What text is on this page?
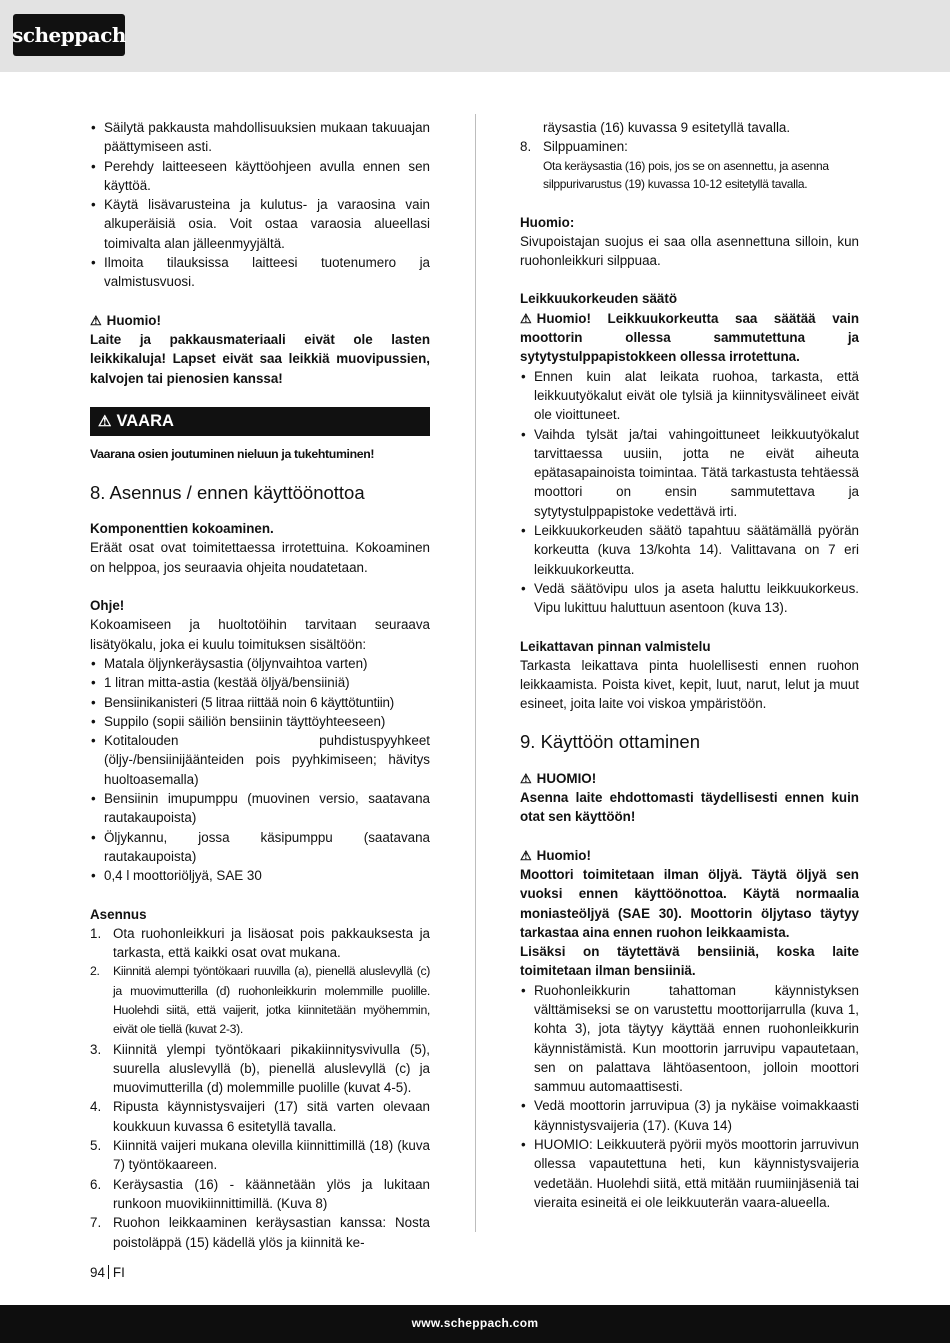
scheppach
• Säilytä pakkausta mahdollisuuksien mukaan takuuajan päättymiseen asti.
• Perehdy laitteeseen käyttöohjeen avulla ennen sen käyttöä.
• Käytä lisävarusteina ja kulutus- ja varaosina vain alkuperäisiä osia. Voit ostaa varaosia alueellasi toimivalta alan jälleenmyyjältä.
• Ilmoita tilauksissa laitteesi tuotenumero ja valmistusvuosi.

⚠ Huomio!

Laite ja pakkausmateriaali eivät ole lasten leikkikaluja! Lapset eivät saa leikkiä muovipussien, kalvojen tai pienosien kanssa!

⚠ VAARA

Vaarana osien joutuminen nieluun ja tukehtuminen!

8. Asennus / ennen käyttöönottoa

Komponenttien kokoaminen.

Eräät osat ovat toimitettaessa irrotettuina. Kokoaminen on helppoa, jos seuraavia ohjeita noudatetaan.

Ohje!

Kokoamiseen ja huoltotöihin tarvitaan seuraava lisätyökalu, joka ei kuulu toimituksen sisältöön:

• Matala öljynkeräysastia (öljynvaihtoa varten)
• 1 litran mitta-astia (kestää öljyä/bensiiniä)
• Bensiinikanisteri (5 litraa riittää noin 6 käyttötuntiin)
• Suppilo (sopii säiliön bensiinin täyttöyhteeseen)
• Kotitalouden puhdistuspyyhkeet (öljy-/bensiinijäänteiden pois pyyhkimiseen; hävitys huoltoasemalla)
• Bensiinin imupumppu (muovinen versio, saatavana rautakaupoista)
• Öljykannu, jossa käsipumppu (saatavana rautakaupoista)
• 0,4 l moottoriöljyä, SAE 30

Asennus

1. Ota ruohonleikkuri ja lisäosat pois pakkauksesta ja tarkasta, että kaikki osat ovat mukana.
2. Kiinnitä alempi työntökaari ruuvilla (a), pienellä aluslevyllä (c) ja muovimutterilla (d) ruohonleikkurin molemmille puolille. Huolehdi siitä, että vaijerit, jotka kiinnitetään myöhemmin, eivät ole tiellä (kuvat 2-3).
3. Kiinnitä ylempi työntökaari pikakiinnitysvivulla (5), suurella aluslevyllä (b), pienellä aluslevyllä (c) ja muovimutterilla (d) molemmille puolille (kuvat 4-5).
4. Ripusta käynnistysvaijeri (17) sitä varten olevaan koukkuun kuvassa 6 esitetyllä tavalla.
5. Kiinnitä vaijeri mukana olevilla kiinnittimillä (18) (kuva 7) työntökaareen.
6. Keräysastia (16) - käännetään ylös ja lukitaan runkoon muovikiinnittimillä. (Kuva 8)
7. Ruohon leikkaaminen keräysastian kanssa: Nosta poistoläppä (15) kädellä ylös ja kiinnitä ke-

räysastia (16) kuvassa 9 esitetyllä tavalla.

8. Silppuaminen:

Ota keräysastia (16) pois, jos se on asennettu, ja asenna silppurivarustus (19) kuvassa 10-12 esitetyllä tavalla.

Huomio:

Sivupoistajan suojus ei saa olla asennettuna silloin, kun ruohonleikkuri silppuaa.

Leikkuukorkeuden säätö

⚠ Huomio! Leikkuukorkeutta saa säätää vain moottorin ollessa sammutettuna ja sytytystulppapistokkeen ollessa irrotettuna.

• Ennen kuin alat leikata ruohoa, tarkasta, että leikkuutyökalut eivät ole tylsiä ja kiinnitysvälineet eivät ole vioittuneet.
• Vaihda tylsät ja/tai vahingoittuneet leikkuutyökalut tarvittaessa uusiin, jotta ne eivät aiheuta epätasapainoista toimintaa. Tätä tarkastusta tehtäessä moottori on ensin sammutettava ja sytytystulppapistoke vedettävä irti.
• Leikkuukorkeuden säätö tapahtuu säätämällä pyörän korkeutta (kuva 13/kohta 14). Valittavana on 7 eri leikkuukorkeutta.
• Vedä säätövipu ulos ja aseta haluttu leikkuukorkeus. Vipu lukittuu haluttuun asentoon (kuva 13).

Leikattavan pinnan valmistelu

Tarkasta leikattava pinta huolellisesti ennen ruohon leikkaamista. Poista kivet, kepit, luut, narut, lelut ja muut esineet, joita laite voi viskoa ympäristöön.

9. Käyttöön ottaminen

⚠ HUOMIO!

Asenna laite ehdottomasti täydellisesti ennen kuin otat sen käyttöön!

⚠ Huomio!

Moottori toimitetaan ilman öljyä. Täytä öljyä sen vuoksi ennen käyttöönottoa. Käytä normaalia moniasteöljyä (SAE 30). Moottorin öljytaso täytyy tarkastaa aina ennen ruohon leikkaamista.

Lisäksi on täytettävä bensiiniä, koska laite toimitetaan ilman bensiiniä.

• Ruohonleikkurin tahattoman käynnistyksen välttämiseksi se on varustettu moottorijarrulla (kuva 1, kohta 3), jota täytyy käyttää ennen ruohonleikkurin käynnistämistä. Kun moottorin jarruvipu vapautetaan, sen on palattava lähtöasentoon, jolloin moottori sammuu automaattisesti.
• Vedä moottorin jarruvipua (3) ja nykäise voimakkaasti käynnistysvaijeria (17). (Kuva 14)
• HUOMIO: Leikkuuterä pyörii myös moottorin jarruvivun ollessa vapautettuna heti, kun käynnistysvaijeria vedetään. Huolehdi siitä, että mitään ruumiinjäseniä tai vieraita esineitä ei ole leikkuuterän vaara-alueella.
94 FI
www.scheppach.com
